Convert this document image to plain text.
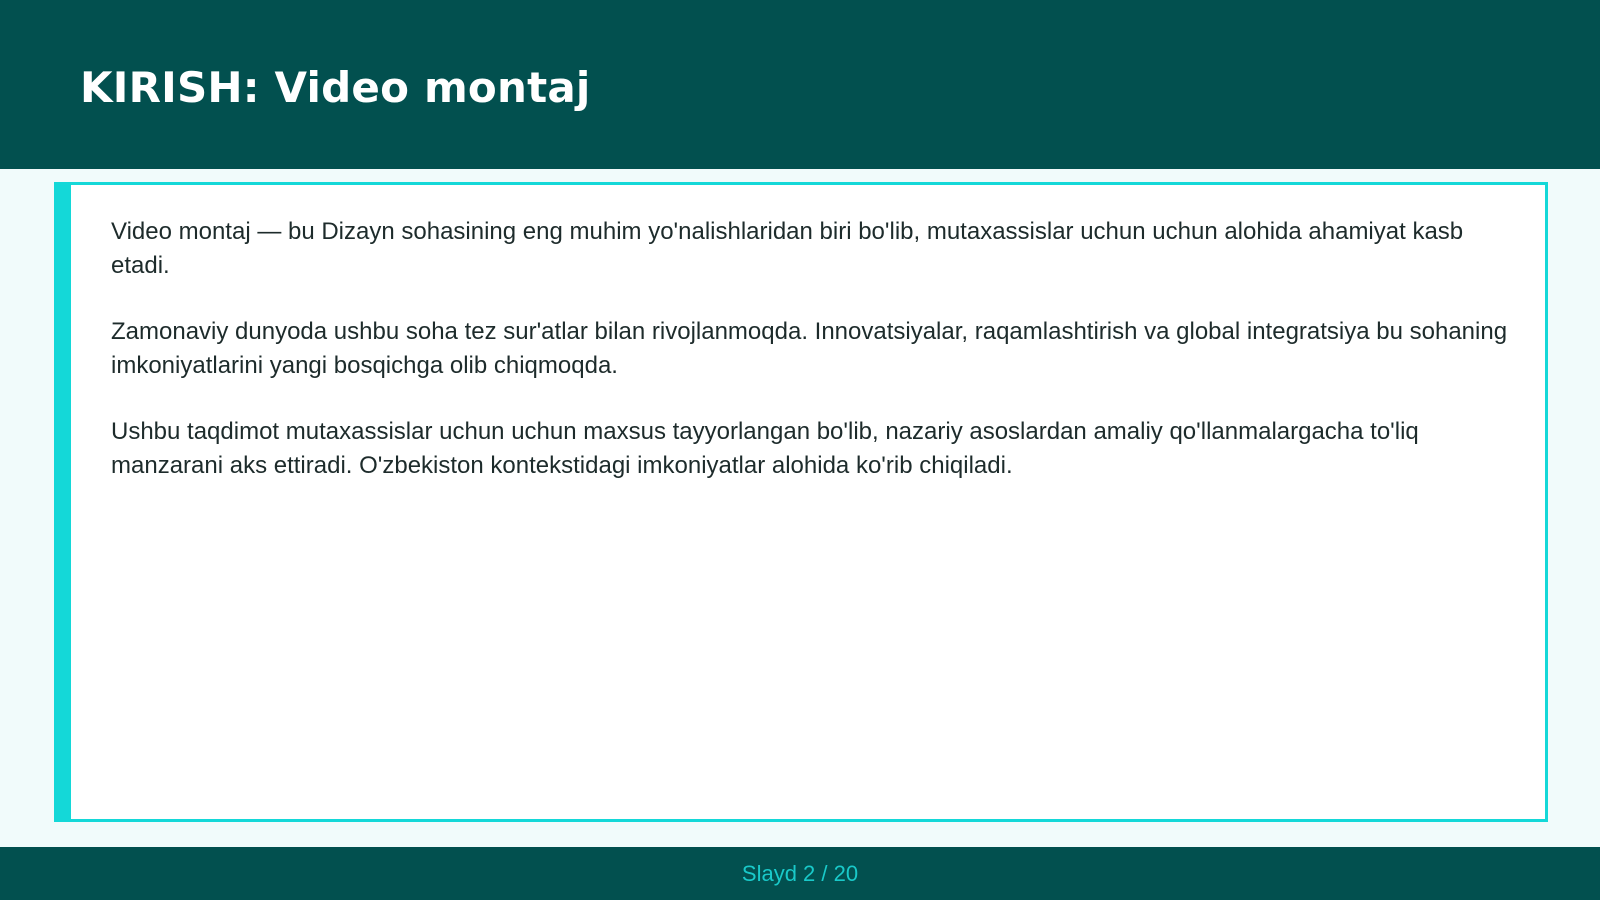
KIRISH: Video montaj

Video montaj — bu Dizayn sohasining eng muhim yo'nalishlaridan biri bo'lib, mutaxassislar uchun uchun alohida ahamiyat kasb etadi.

Zamonaviy dunyoda ushbu soha tez sur'atlar bilan rivojlanmoqda. Innovatsiyalar, raqamlashtirish va global integratsiya bu sohaning imkoniyatlarini yangi bosqichga olib chiqmoqda.

Ushbu taqdimot mutaxassislar uchun uchun maxsus tayyorlangan bo'lib, nazariy asoslardan amaliy qo'llanmalargacha to'liq manzarani aks ettiradi. O'zbekiston kontekstidagi imkoniyatlar alohida ko'rib chiqiladi.

Slayd 2 / 20
